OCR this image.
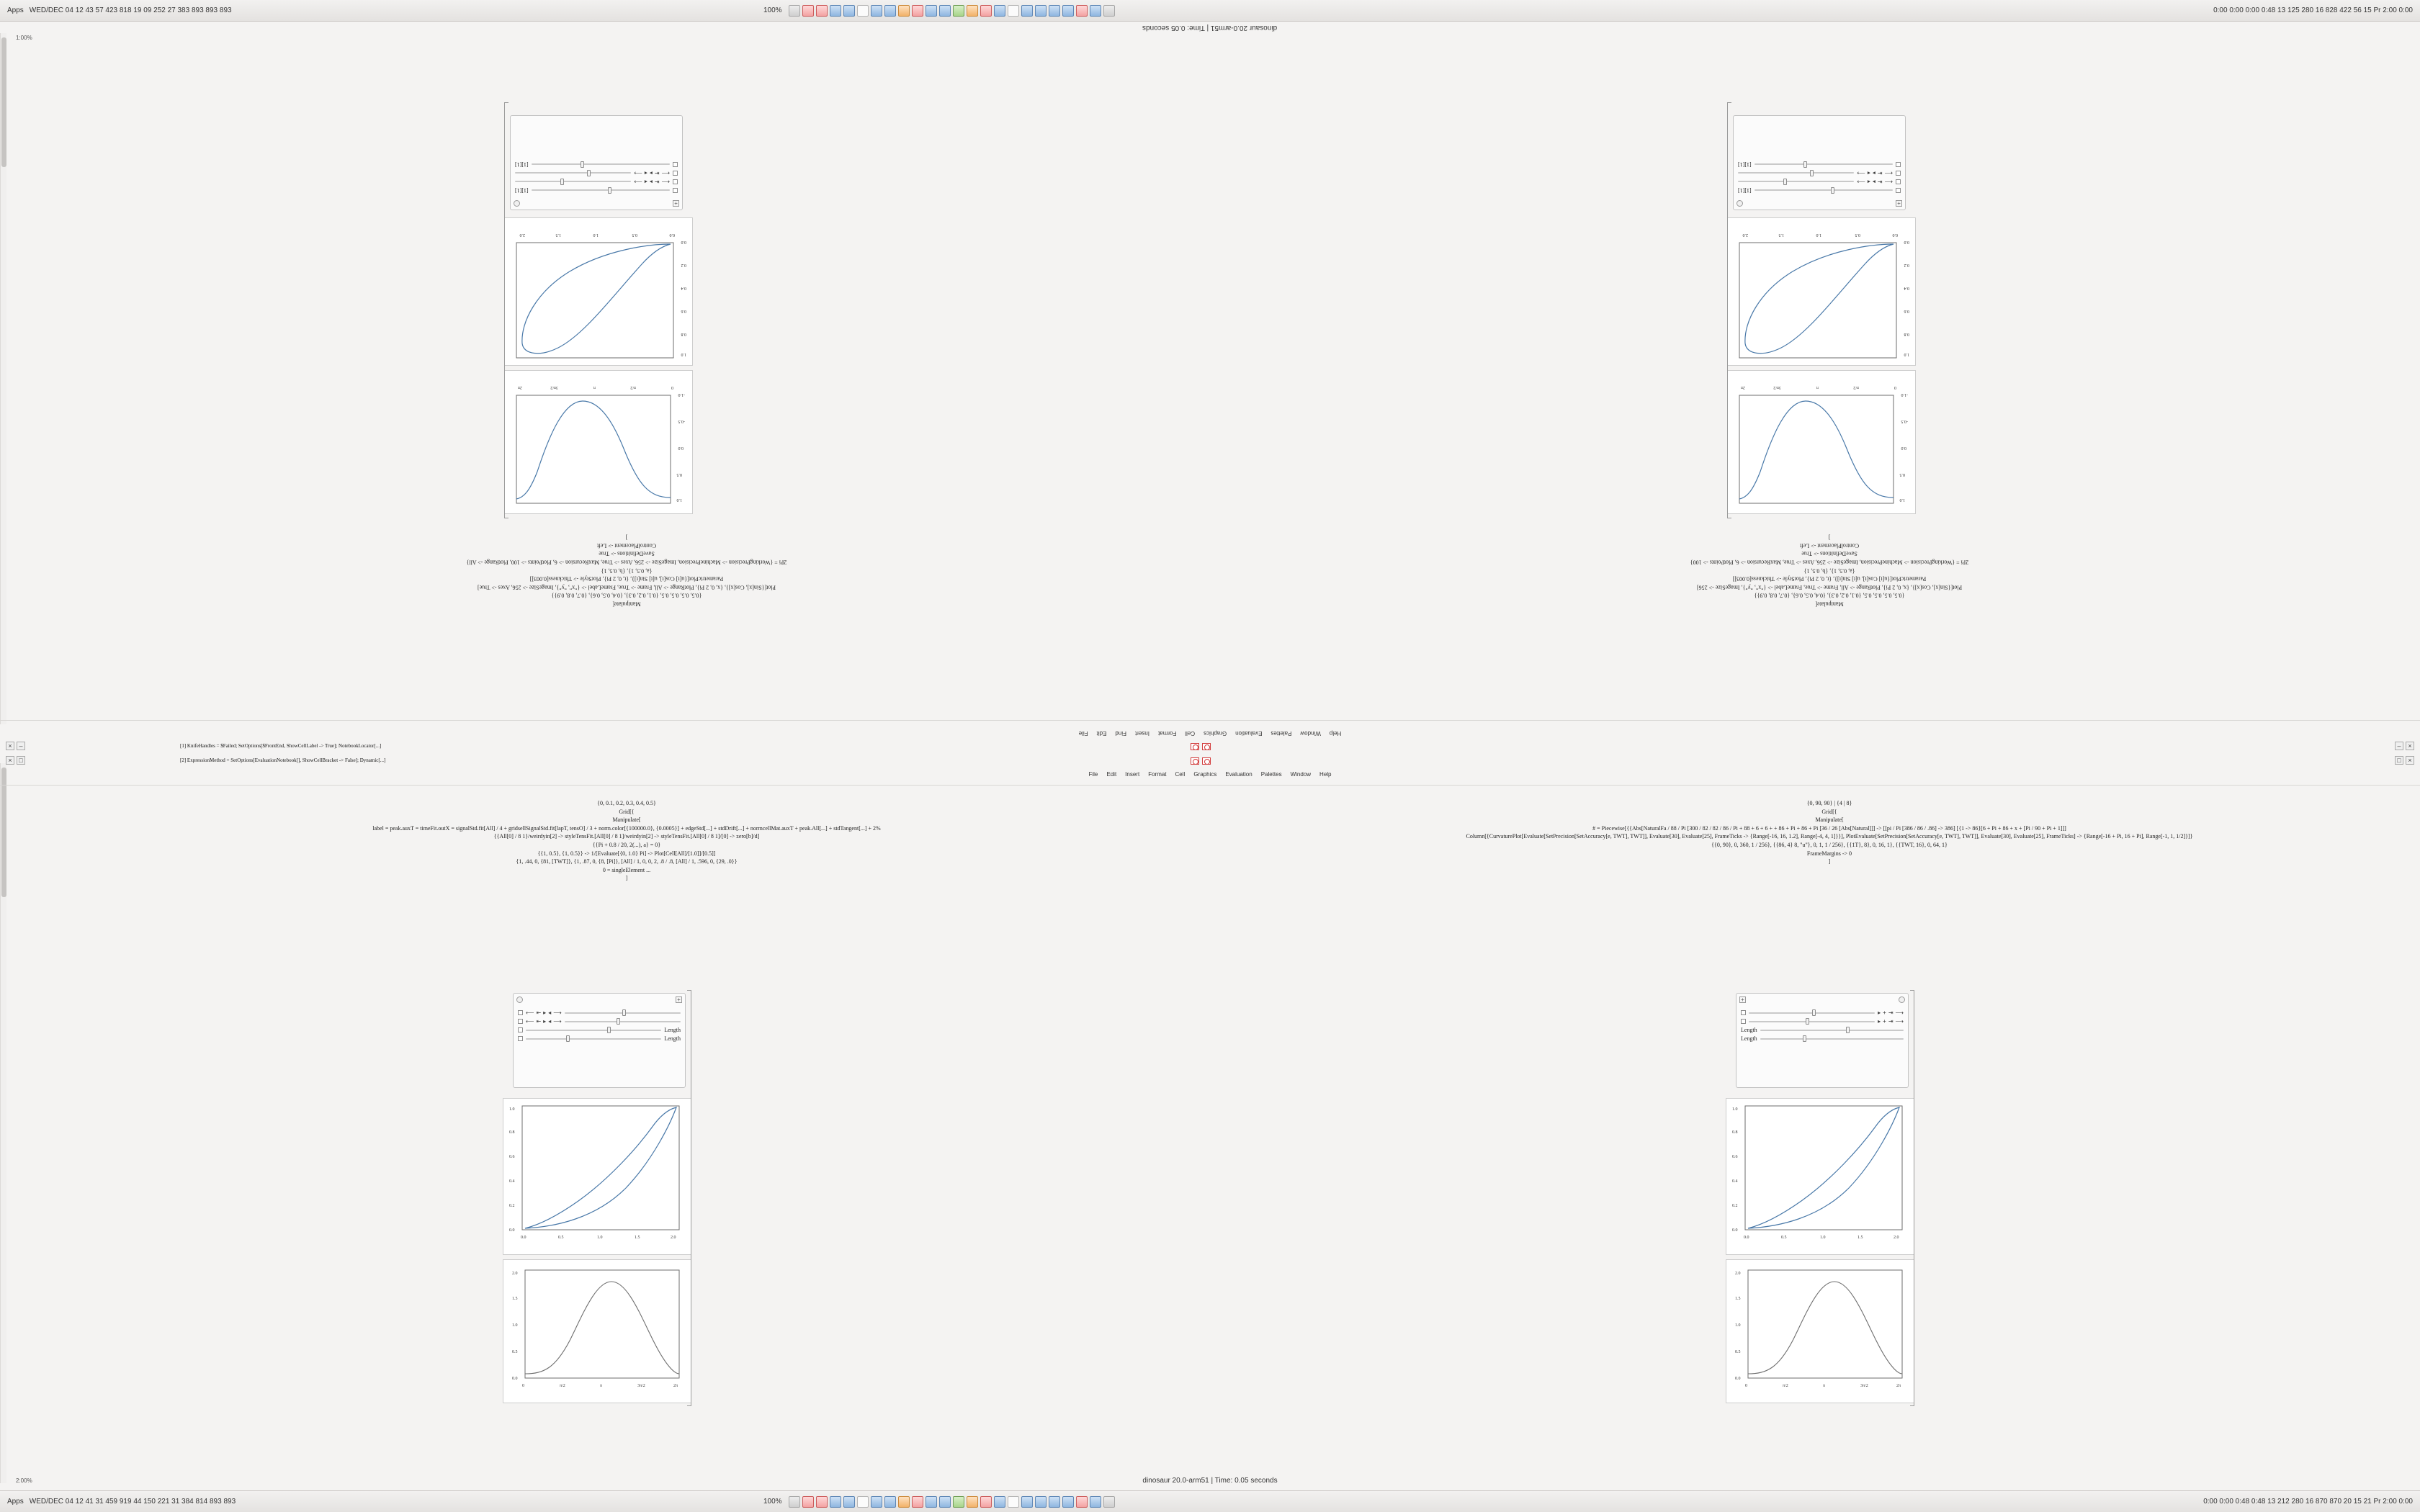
Apps WED/DEC 04 12 43 57 423 818 19 09 252 27 383 893 893 893	100%	0:00 0:00 0:00 0:48 13 125 280 16 828 422 56 15 Pr 2:00 0:00
dinosaur 20.0-arm51 | Time: 0.05 seconds
1:00%
2:00%
0
π/2
π
3π/2
2π
-1.0
-0.5
0.0
0.5
1.0
0.0
0.5
1.0
1.5
2.0
0.0
0.2
0.4
0.6
0.8
1.0
+
[1][1]
⟵
⇤
▸
◂
⟶
⟵
⇤
▸
◂
⟶
[1][1]
Manipulate[
{0.5, 0.5, 0.5, 0.5, {0.1, 0.2, 0.3}, {0.4, 0.5, 0.6}, {0.7, 0.8, 0.9}}
Plot[{Sin[x], Cos[x]}, {x, 0, 2 Pi}, PlotRange -> All, Frame -> True, FrameLabel -> {"x", "y"}, ImageSize -> 256, Axes -> True]
ParametricPlot[{u[t] Cos[t], u[t] Sin[t]}, {t, 0, 2 Pi}, PlotStyle -> Thickness[0.003]]
{a, 0.5, 1}, {b, 0.5, 1}
2Pi = {WorkingPrecision -> MachinePrecision, ImageSize -> 256, Axes -> True, MaxRecursion -> 6, PlotPoints -> 100, PlotRange -> All}
SaveDefinitions -> True
ControlPlacement -> Left
]
0
π/2
π
3π/2
2π
-1.0
-0.5
0.0
0.5
1.0
0.0
0.5
1.0
1.5
2.0
0.0
0.2
0.4
0.6
0.8
1.0
+
[1][1]
⟵
⇤
▸
◂
⟶
⟵
⇤
▸
◂
⟶
[1][1]
Manipulate[
{0.5, 0.5, 0.5, 0.5, {0.1, 0.2, 0.3}, {0.4, 0.5, 0.6}, {0.7, 0.8, 0.9}}
Plot[{Sin[x], Cos[x]}, {x, 0, 2 Pi}, PlotRange -> All, Frame -> True, FrameLabel -> {"x", "y"}, ImageSize -> 256]
ParametricPlot[{u[t] Cos[t], u[t] Sin[t]}, {t, 0, 2 Pi}, PlotStyle -> Thickness[0.003]]
{a, 0.5, 1}, {b, 0.5, 1}
2Pi = {WorkingPrecision -> MachinePrecision, ImageSize -> 256, Axes -> True, MaxRecursion -> 6, PlotPoints -> 100}
SaveDefinitions -> True
ControlPlacement -> Left
]
Help
Window
Palettes
Evaluation
Graphics
Cell
Format
Insert
Find
Edit
File
[1] KnifeHandles = $Failed; SetOptions[$FrontEnd, ShowCellLabel -> True]; NotebookLocator[...]
[2] ExpressionMethod = SetOptions[EvaluationNotebook[], ShowCellBracket -> False]; Dynamic[...]
File Edit Insert Format Cell Graphics Evaluation Palettes Window Help
×	–
×	□
–	×
□	×
{0, 0.1, 0.2, 0.3, 0.4, 0.5}
Grid[{
Manipulate[
label = peak.auxT = timeFit.outX = signalStd.fit[All] / 4 + gridsellSignalStd.fit[lapT, tensO] / 3 + norm.color[{100000.0}, {0.0005}] + edgeStd[...] + stdDrift[...] + normcellMat.auxT + peak.All[...] + stdTangent[...] + 2%
{{All[0] / 8 1}/weirdyin[2] -> styleTensFit.[All[0] / 8 1]/weirdyin[2] -> styleTensFit.[All[0] / 8 1]/[0] -> zero[b]/d]
{{Pi + 0.8 / 20, 2(...), a} = 0}
{{1, 0.5}, {1, 0.5}} -> 1/[Evaluate[{0, 1.0} Pi] -> Plot[Cell[All]/[1.0]]/[0.5]]
{1, .44, 0, {81, [TWT]}, {1, .87, 0, {8, [Pi]}, [All] / 1, 0, 0, 2, .8 / .8, [All] / 1, .596, 0, {29, .0}}
0 = singleElement ...
]
+
⟵ ⇤ ▸ ◂ ⟶
⟵ ⇤ ▸ ◂ ⟶
Length
Length
0.0	0.5	1.0	1.5	2.0
0.0
0.2
0.4
0.6
0.8
1.0
0	π/2	π	3π/2	2π
0.0
0.5
1.0
1.5
2.0
{0, 90, 90} | {4 | 8}
Grid[{
Manipulate[
# = Piecewise[{{Abs[NaturalFa / 88 / Pi [300 / 82 / 82 / 86 / Pi + 88 + 6 + 6 + + 86 + Pi + 86 + Pi [36 / 26 [Abs[Natural]]] -> [[pi / Pi [386 / 86 / .86] -> 386] [{1 -> 86}[6 + Pi + 86 + x + [Pi / 90 + Pi + 1]]]
Column[{CurvaturePlot[Evaluate[SetPrecision[SetAccuracy[e, TWT], TWT]], Evaluate[30], Evaluate[25], FrameTicks -> {Range[-16, 16, 1.2], Range[-4, 4, 1]}}], PlotEvaluate[SetPrecision[SetAccuracy[e, TWT], TWT]], Evaluate[30], Evaluate[25], FrameTicks] -> {Range[-16 + Pi, 16 + Pi], Range[-1, 1, 1/2]}]}
{{0, 90}, 0, 360, 1 / 256}, {{86, 4} 8, "u"}, 0, 1, 1 / 256}, {{1T}, 8}, 0, 16, 1}, {{TWT, 16}, 0, 64, 1}
FrameMargins -> 0
]
+
▸ + ⇥ ⟶
▸ + ⇥ ⟶
Length
Length
0.0	0.5	1.0	1.5	2.0
0.0
0.2
0.4
0.6
0.8
1.0
0	π/2	π	3π/2	2π
0.0
0.5
1.0
1.5
2.0
dinosaur 20.0-arm51 | Time: 0.05 seconds
Apps WED/DEC 04 12 41 31 459 919 44 150 221 31 384 814 893 893	100%	0:00 0:00 0:48 0:48 13 212 280 16 870 870 20 15 21 Pr 2:00 0:00
